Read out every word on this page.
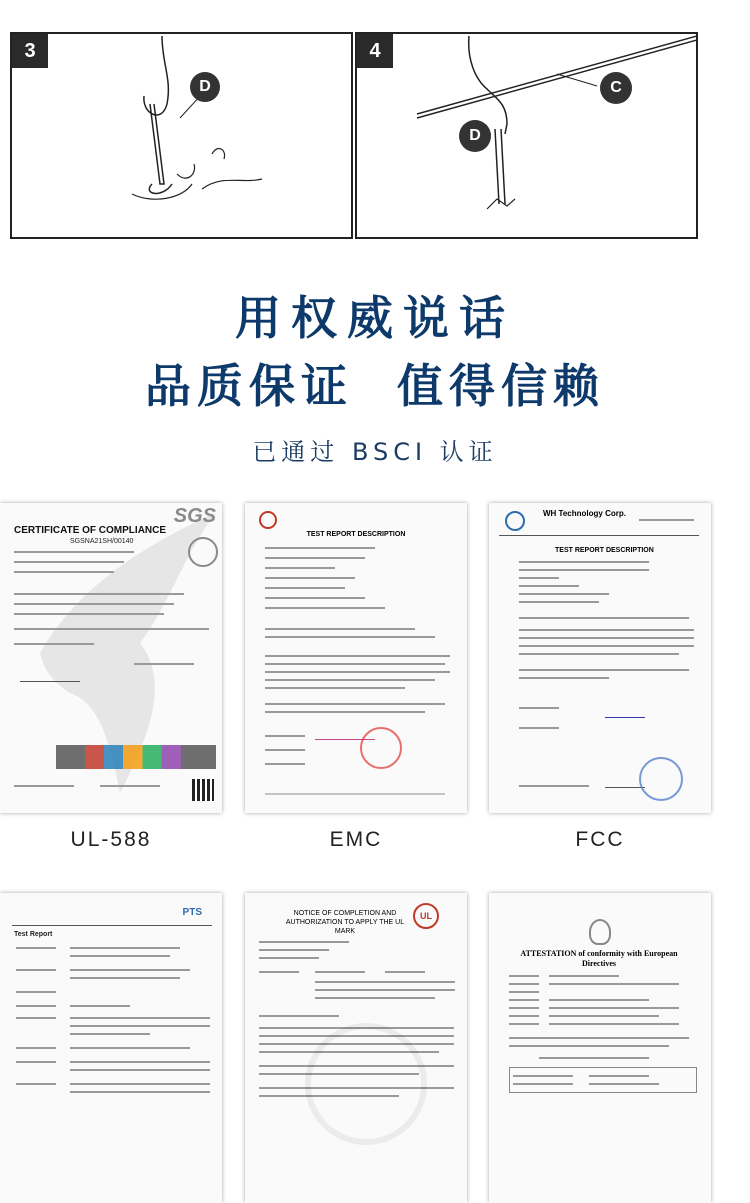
3
D
4
C
D
用权威说话
品质保证  值得信赖
已通过 BSCI 认证
SGS
CERTIFICATE OF COMPLIANCE
SGSNA21SH/00140
UL-588
TEST REPORT DESCRIPTION
EMC
WH Technology Corp.
TEST REPORT DESCRIPTION
FCC
PTS
Test Report
NOTICE OF COMPLETION AND AUTHORIZATION TO APPLY THE UL MARK
UL
ATTESTATION of conformity with European Directives
